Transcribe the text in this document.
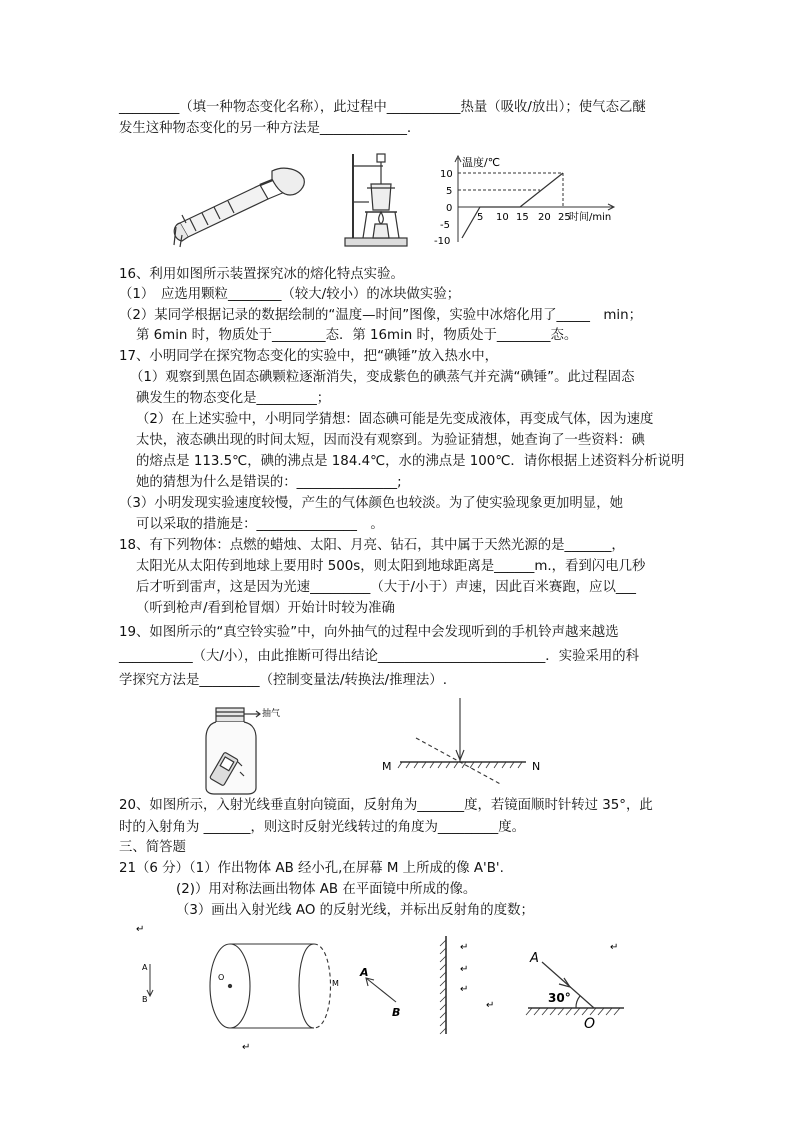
_________（填一种物态变化名称），此过程中___________热量（吸收/放出）；使气态乙醚
发生这种物态变化的另一种方法是_____________.
温度/℃
10
5
0
-5
-10
5 10 15 20 25
时间/min
16、利用如图所示装置探究冰的熔化特点实验。
（1）　应选用颗粒________（较大/较小）的冰块做实验；
（2）某同学根据记录的数据绘制的“温度—时间”图像，实验中冰熔化用了_____　min；
第 6min 时，物质处于________态．第 16min 时，物质处于________态。
17、小明同学在探究物态变化的实验中，把“碘锤”放入热水中，
（1）观察到黑色固态碘颗粒逐渐消失，变成紫色的碘蒸气并充满“碘锤”。此过程固态
碘发生的物态变化是_________；
（2）在上述实验中，小明同学猜想：固态碘可能是先变成液体，再变成气体，因为速度
太快，液态碘出现的时间太短，因而没有观察到。为验证猜想，她查询了一些资料：碘
的熔点是 113.5℃，碘的沸点是 184.4℃，水的沸点是 100℃．请你根据上述资料分析说明
她的猜想为什么是错误的：_______________;
（3）小明发现实验速度较慢，产生的气体颜色也较淡。为了使实验现象更加明显，她
可以采取的措施是：_______________　。
18、有下列物体：点燃的蜡烛、太阳、月亮、钻石，其中属于天然光源的是_______，
太阳光从太阳传到地球上要用时 500s，则太阳到地球距离是______m.，看到闪电几秒
后才听到雷声，这是因为光速_________（大于/小于）声速，因此百米赛跑，应以___
（听到枪声/看到枪冒烟）开始计时较为准确
19、如图所示的“真空铃实验”中，向外抽气的过程中会发现听到的手机铃声越来越选
___________（大/小），由此推断可得出结论_________________________．实验采用的科
学探究方法是_________（控制变量法/转换法/推理法）.
抽气
M	N
20、如图所示，入射光线垂直射向镜面，反射角为_______度，若镜面顺时针转过 35°，此
时的入射角为 _______，则这时反射光线转过的角度为_________度。
三、简答题
21（6 分）（1）作出物体 AB 经小孔,在屏幕 M 上所成的像 A'B'.
(2)）用对称法画出物体 AB 在平面镜中所成的像。
（3）画出入射光线 AO 的反射光线，并标出反射角的度数；
↵
A
B
O
M
↵
A
B
↵
↵
↵
↵
↵
A
O
30°
